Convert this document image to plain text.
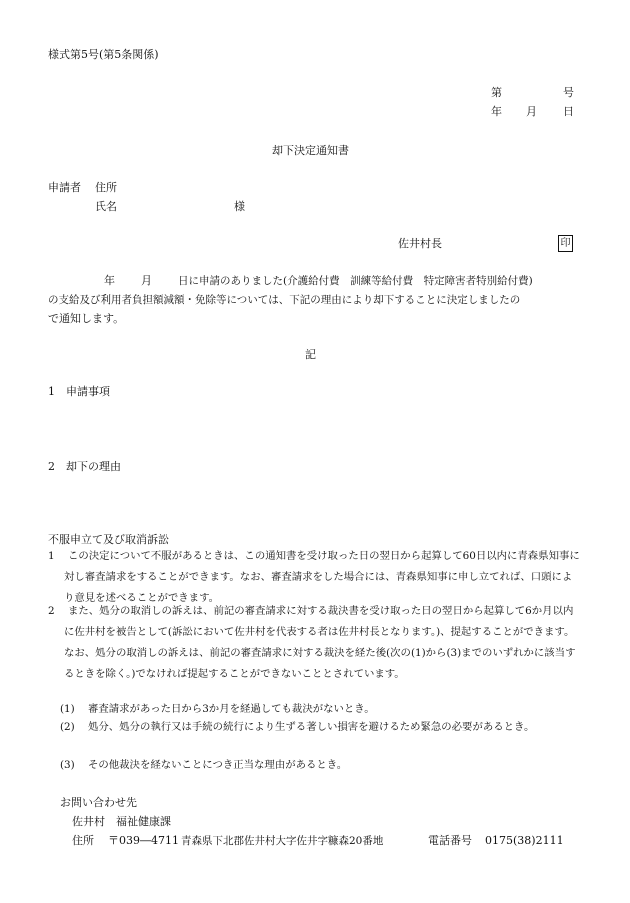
様式第5号(第5条関係)
第	号
年 月 日
却下決定通知書
申請者 住所
氏名	様
佐井村長	印
年 月 日に申請のありました(介護給付費　訓練等給付費　特定障害者特別給付費)
の支給及び利用者負担額減額・免除等については、下記の理由により却下することに決定しましたの
で通知します。
記
1　申請事項
2　却下の理由
不服申立て及び取消訴訟
1	この決定について不服があるときは、この通知書を受け取った日の翌日から起算して60日以内に青森県知事に対し審査請求をすることができます。なお、審査請求をした場合には、青森県知事に申し立てれば、口頭により意見を述べることができます。
2	また、処分の取消しの訴えは、前記の審査請求に対する裁決書を受け取った日の翌日から起算して6か月以内に佐井村を被告として(訴訟において佐井村を代表する者は佐井村長となります。)、提起することができます。なお、処分の取消しの訴えは、前記の審査請求に対する裁決を経た後(次の(1)から(3)までのいずれかに該当するときを除く。)でなければ提起することができないこととされています。
(1)	審査請求があった日から3か月を経過しても裁決がないとき。
(2)	処分、処分の執行又は手続の続行により生ずる著しい損害を避けるため緊急の必要があるとき。
(3)	その他裁決を経ないことにつき正当な理由があるとき。
お問い合わせ先
佐井村　福祉健康課
住所 〒039―4711 青森県下北郡佐井村大字佐井字糠森20番地	電話番号 0175(38)2111
